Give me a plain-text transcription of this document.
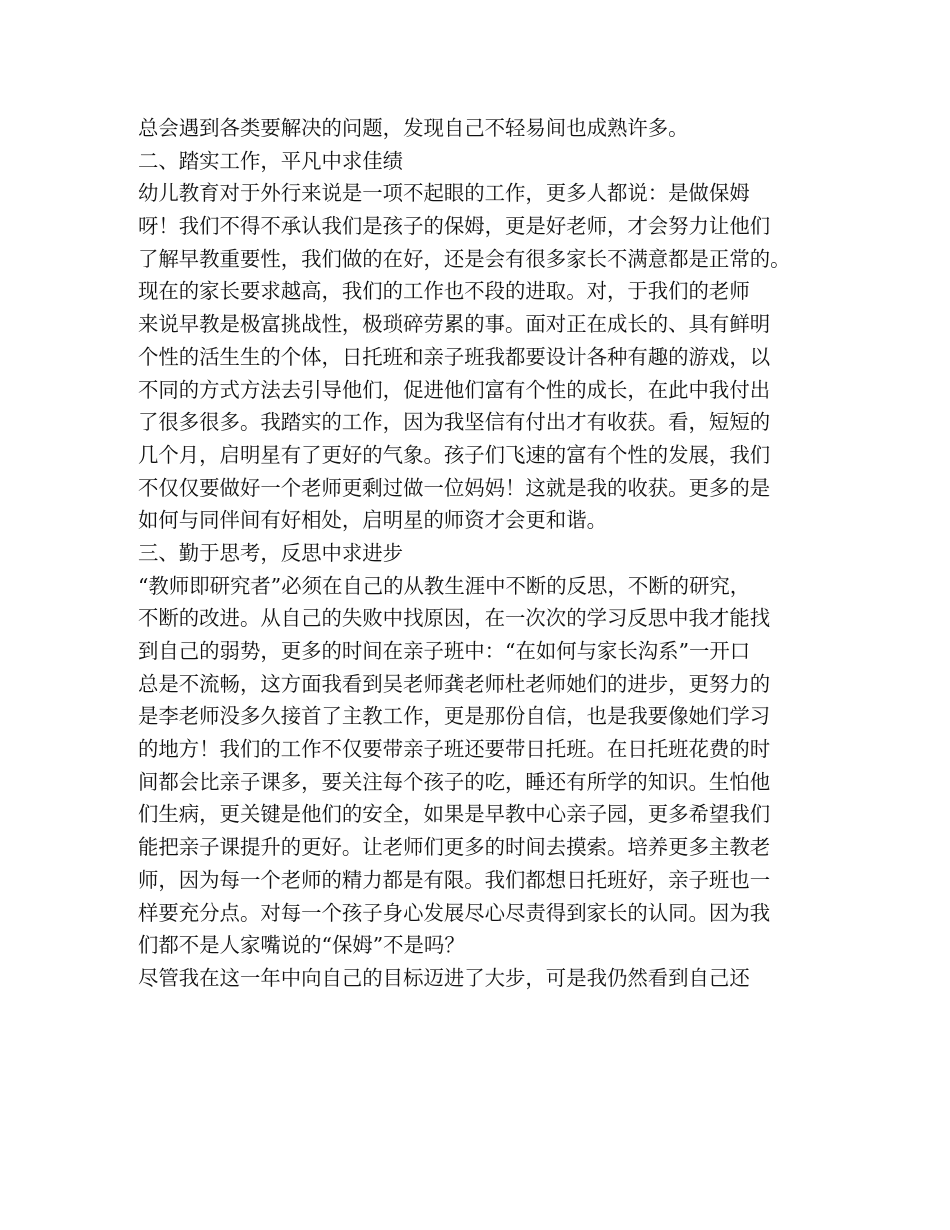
总会遇到各类要解决的问题，发现自己不轻易间也成熟许多。
二、踏实工作，平凡中求佳绩
幼儿教育对于外行来说是一项不起眼的工作，更多人都说：是做保姆
呀！我们不得不承认我们是孩子的保姆，更是好老师，才会努力让他们
了解早教重要性，我们做的在好，还是会有很多家长不满意都是正常的。
现在的家长要求越高，我们的工作也不段的进取。对，于我们的老师
来说早教是极富挑战性，极琐碎劳累的事。面对正在成长的、具有鲜明
个性的活生生的个体，日托班和亲子班我都要设计各种有趣的游戏，以
不同的方式方法去引导他们，促进他们富有个性的成长，在此中我付出
了很多很多。我踏实的工作，因为我坚信有付出才有收获。看，短短的
几个月，启明星有了更好的气象。孩子们飞速的富有个性的发展，我们
不仅仅要做好一个老师更剩过做一位妈妈！这就是我的收获。更多的是
如何与同伴间有好相处，启明星的师资才会更和谐。
三、勤于思考，反思中求进步
“教师即研究者”必须在自己的从教生涯中不断的反思，不断的研究，
不断的改进。从自己的失败中找原因，在一次次的学习反思中我才能找
到自己的弱势，更多的时间在亲子班中：“在如何与家长沟系”一开口
总是不流畅，这方面我看到吴老师龚老师杜老师她们的进步，更努力的
是李老师没多久接首了主教工作，更是那份自信，也是我要像她们学习
的地方！我们的工作不仅要带亲子班还要带日托班。在日托班花费的时
间都会比亲子课多，要关注每个孩子的吃，睡还有所学的知识。生怕他
们生病，更关键是他们的安全，如果是早教中心亲子园，更多希望我们
能把亲子课提升的更好。让老师们更多的时间去摸索。培养更多主教老
师，因为每一个老师的精力都是有限。我们都想日托班好，亲子班也一
样要充分点。对每一个孩子身心发展尽心尽责得到家长的认同。因为我
们都不是人家嘴说的“保姆”不是吗？
尽管我在这一年中向自己的目标迈进了大步，可是我仍然看到自己还
